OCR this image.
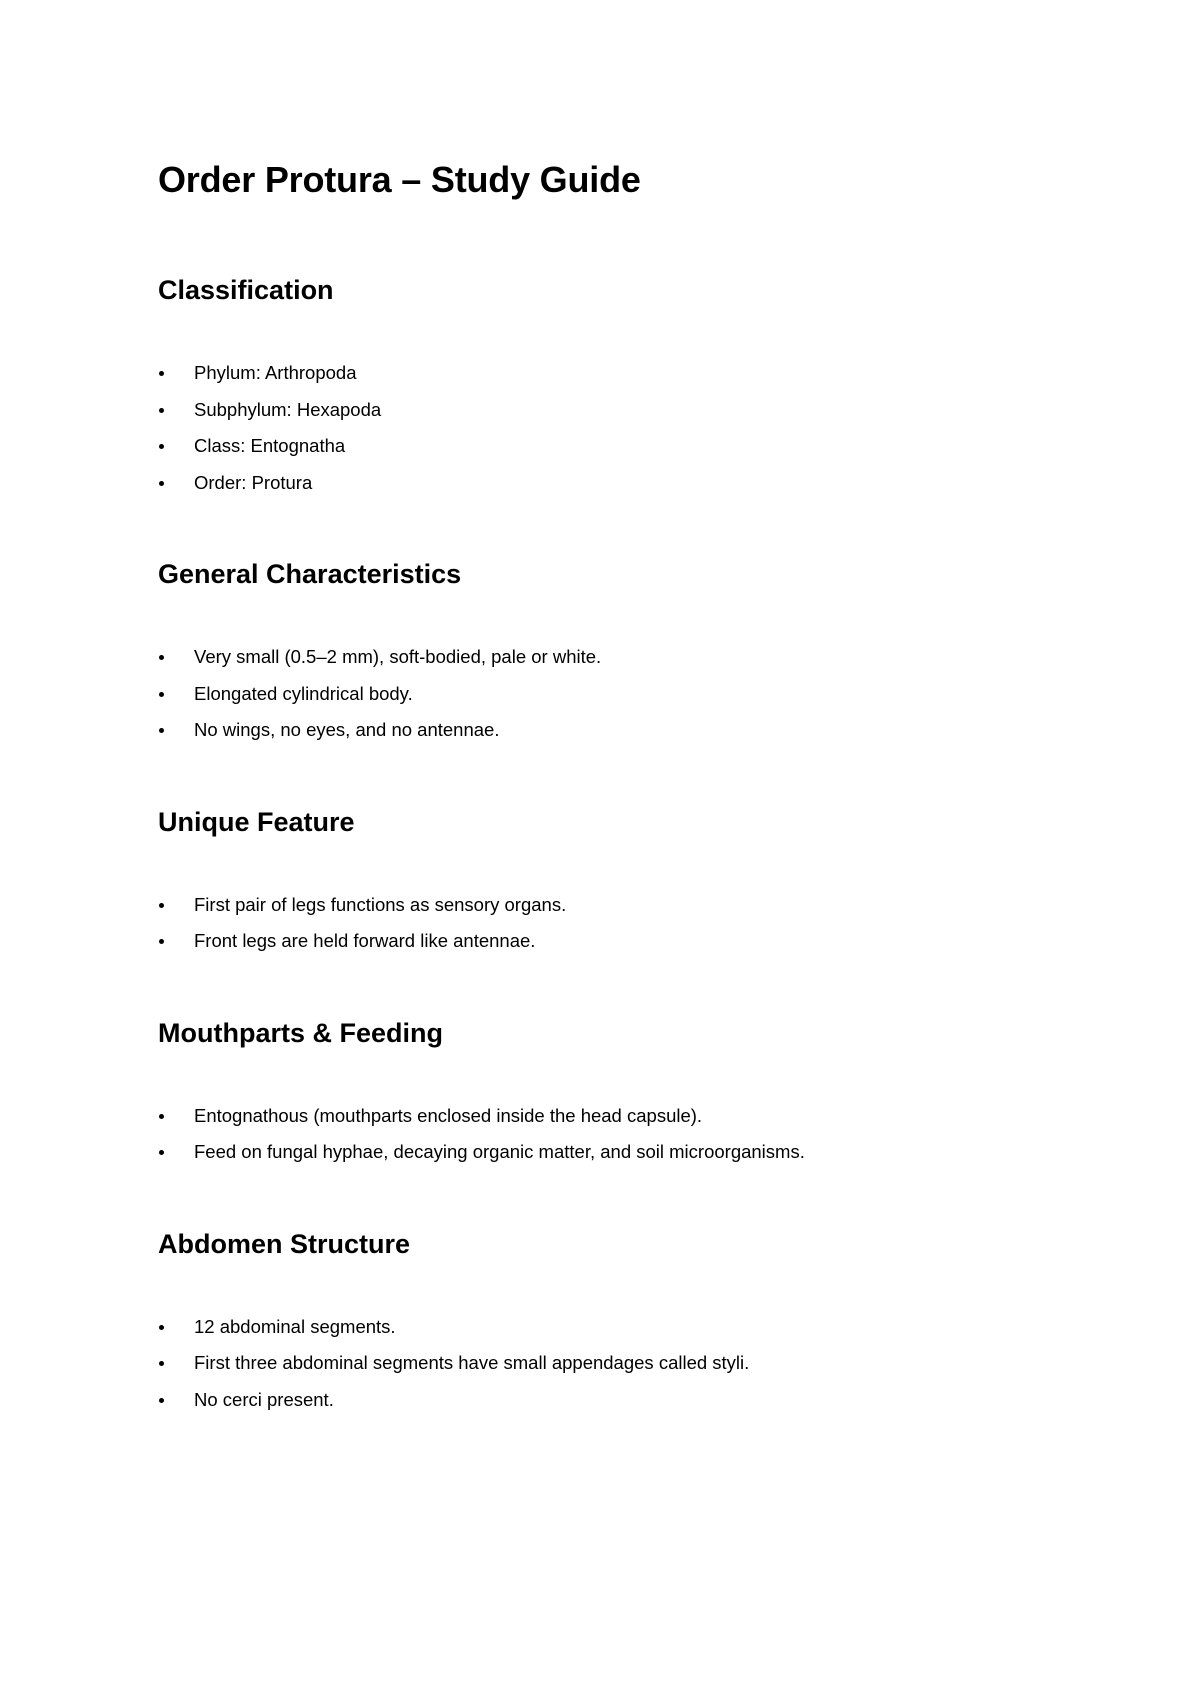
Order Protura – Study Guide
Classification
Phylum: Arthropoda
Subphylum: Hexapoda
Class: Entognatha
Order: Protura
General Characteristics
Very small (0.5–2 mm), soft-bodied, pale or white.
Elongated cylindrical body.
No wings, no eyes, and no antennae.
Unique Feature
First pair of legs functions as sensory organs.
Front legs are held forward like antennae.
Mouthparts & Feeding
Entognathous (mouthparts enclosed inside the head capsule).
Feed on fungal hyphae, decaying organic matter, and soil microorganisms.
Abdomen Structure
12 abdominal segments.
First three abdominal segments have small appendages called styli.
No cerci present.
